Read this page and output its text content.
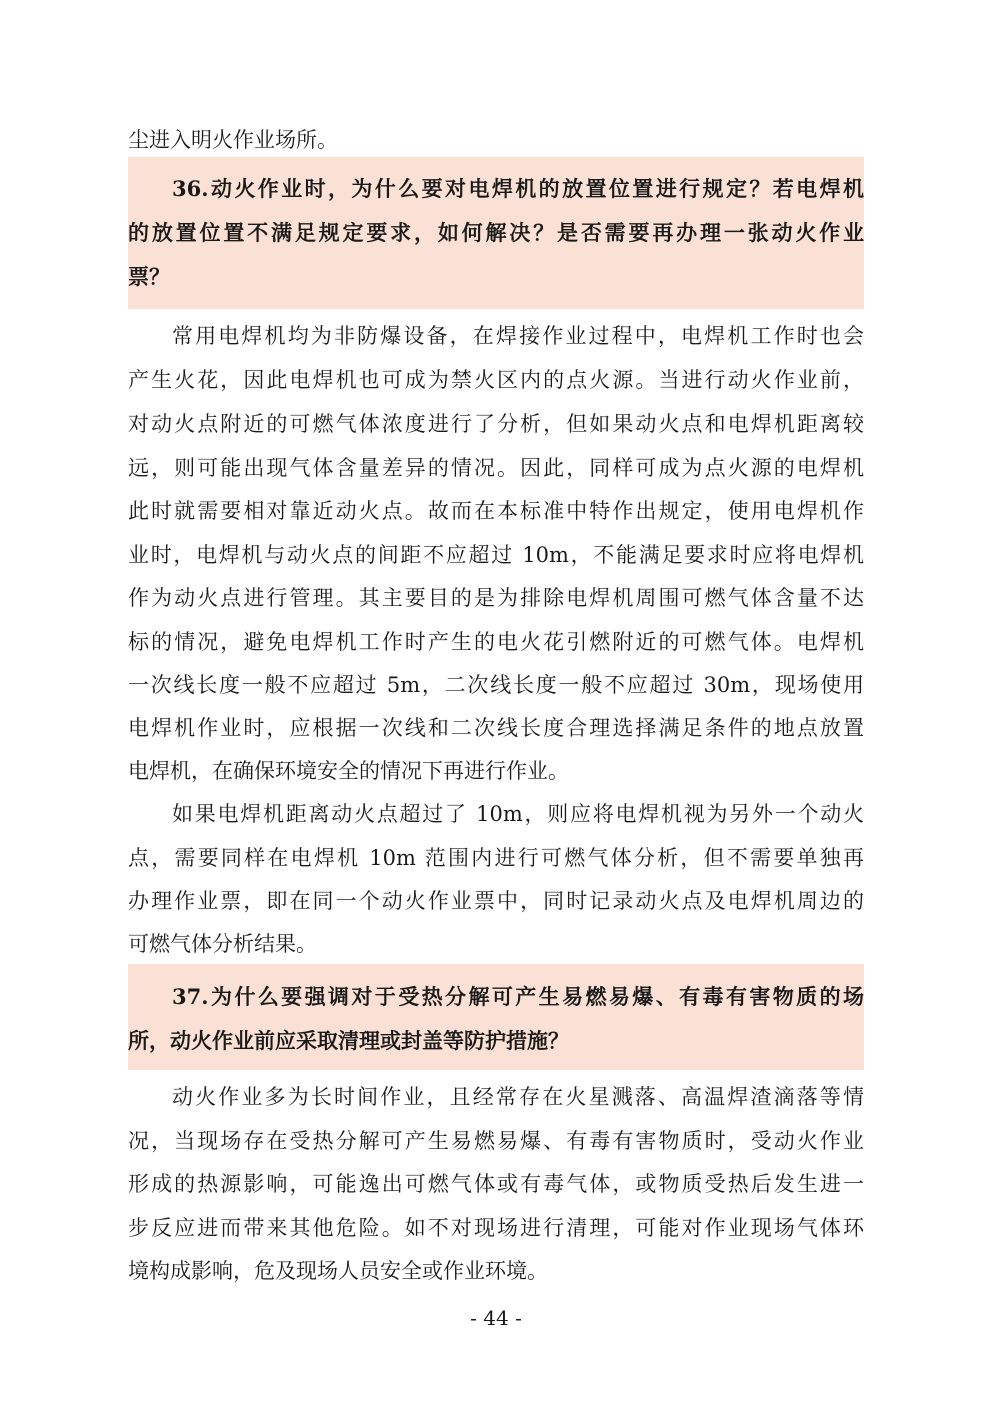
尘进入明火作业场所。
36.动火作业时，为什么要对电焊机的放置位置进行规定？若电焊机
的放置位置不满足规定要求，如何解决？是否需要再办理一张动火作业
票？
常用电焊机均为非防爆设备，在焊接作业过程中，电焊机工作时也会
产生火花，因此电焊机也可成为禁火区内的点火源。当进行动火作业前，
对动火点附近的可燃气体浓度进行了分析，但如果动火点和电焊机距离较
远，则可能出现气体含量差异的情况。因此，同样可成为点火源的电焊机
此时就需要相对靠近动火点。故而在本标准中特作出规定，使用电焊机作
业时，电焊机与动火点的间距不应超过 10m，不能满足要求时应将电焊机
作为动火点进行管理。其主要目的是为排除电焊机周围可燃气体含量不达
标的情况，避免电焊机工作时产生的电火花引燃附近的可燃气体。电焊机
一次线长度一般不应超过 5m，二次线长度一般不应超过 30m，现场使用
电焊机作业时，应根据一次线和二次线长度合理选择满足条件的地点放置
电焊机，在确保环境安全的情况下再进行作业。
如果电焊机距离动火点超过了 10m，则应将电焊机视为另外一个动火
点，需要同样在电焊机 10m 范围内进行可燃气体分析，但不需要单独再
办理作业票，即在同一个动火作业票中，同时记录动火点及电焊机周边的
可燃气体分析结果。
37.为什么要强调对于受热分解可产生易燃易爆、有毒有害物质的场
所，动火作业前应采取清理或封盖等防护措施？
动火作业多为长时间作业，且经常存在火星溅落、高温焊渣滴落等情
况，当现场存在受热分解可产生易燃易爆、有毒有害物质时，受动火作业
形成的热源影响，可能逸出可燃气体或有毒气体，或物质受热后发生进一
步反应进而带来其他危险。如不对现场进行清理，可能对作业现场气体环
境构成影响，危及现场人员安全或作业环境。
- 44 -
